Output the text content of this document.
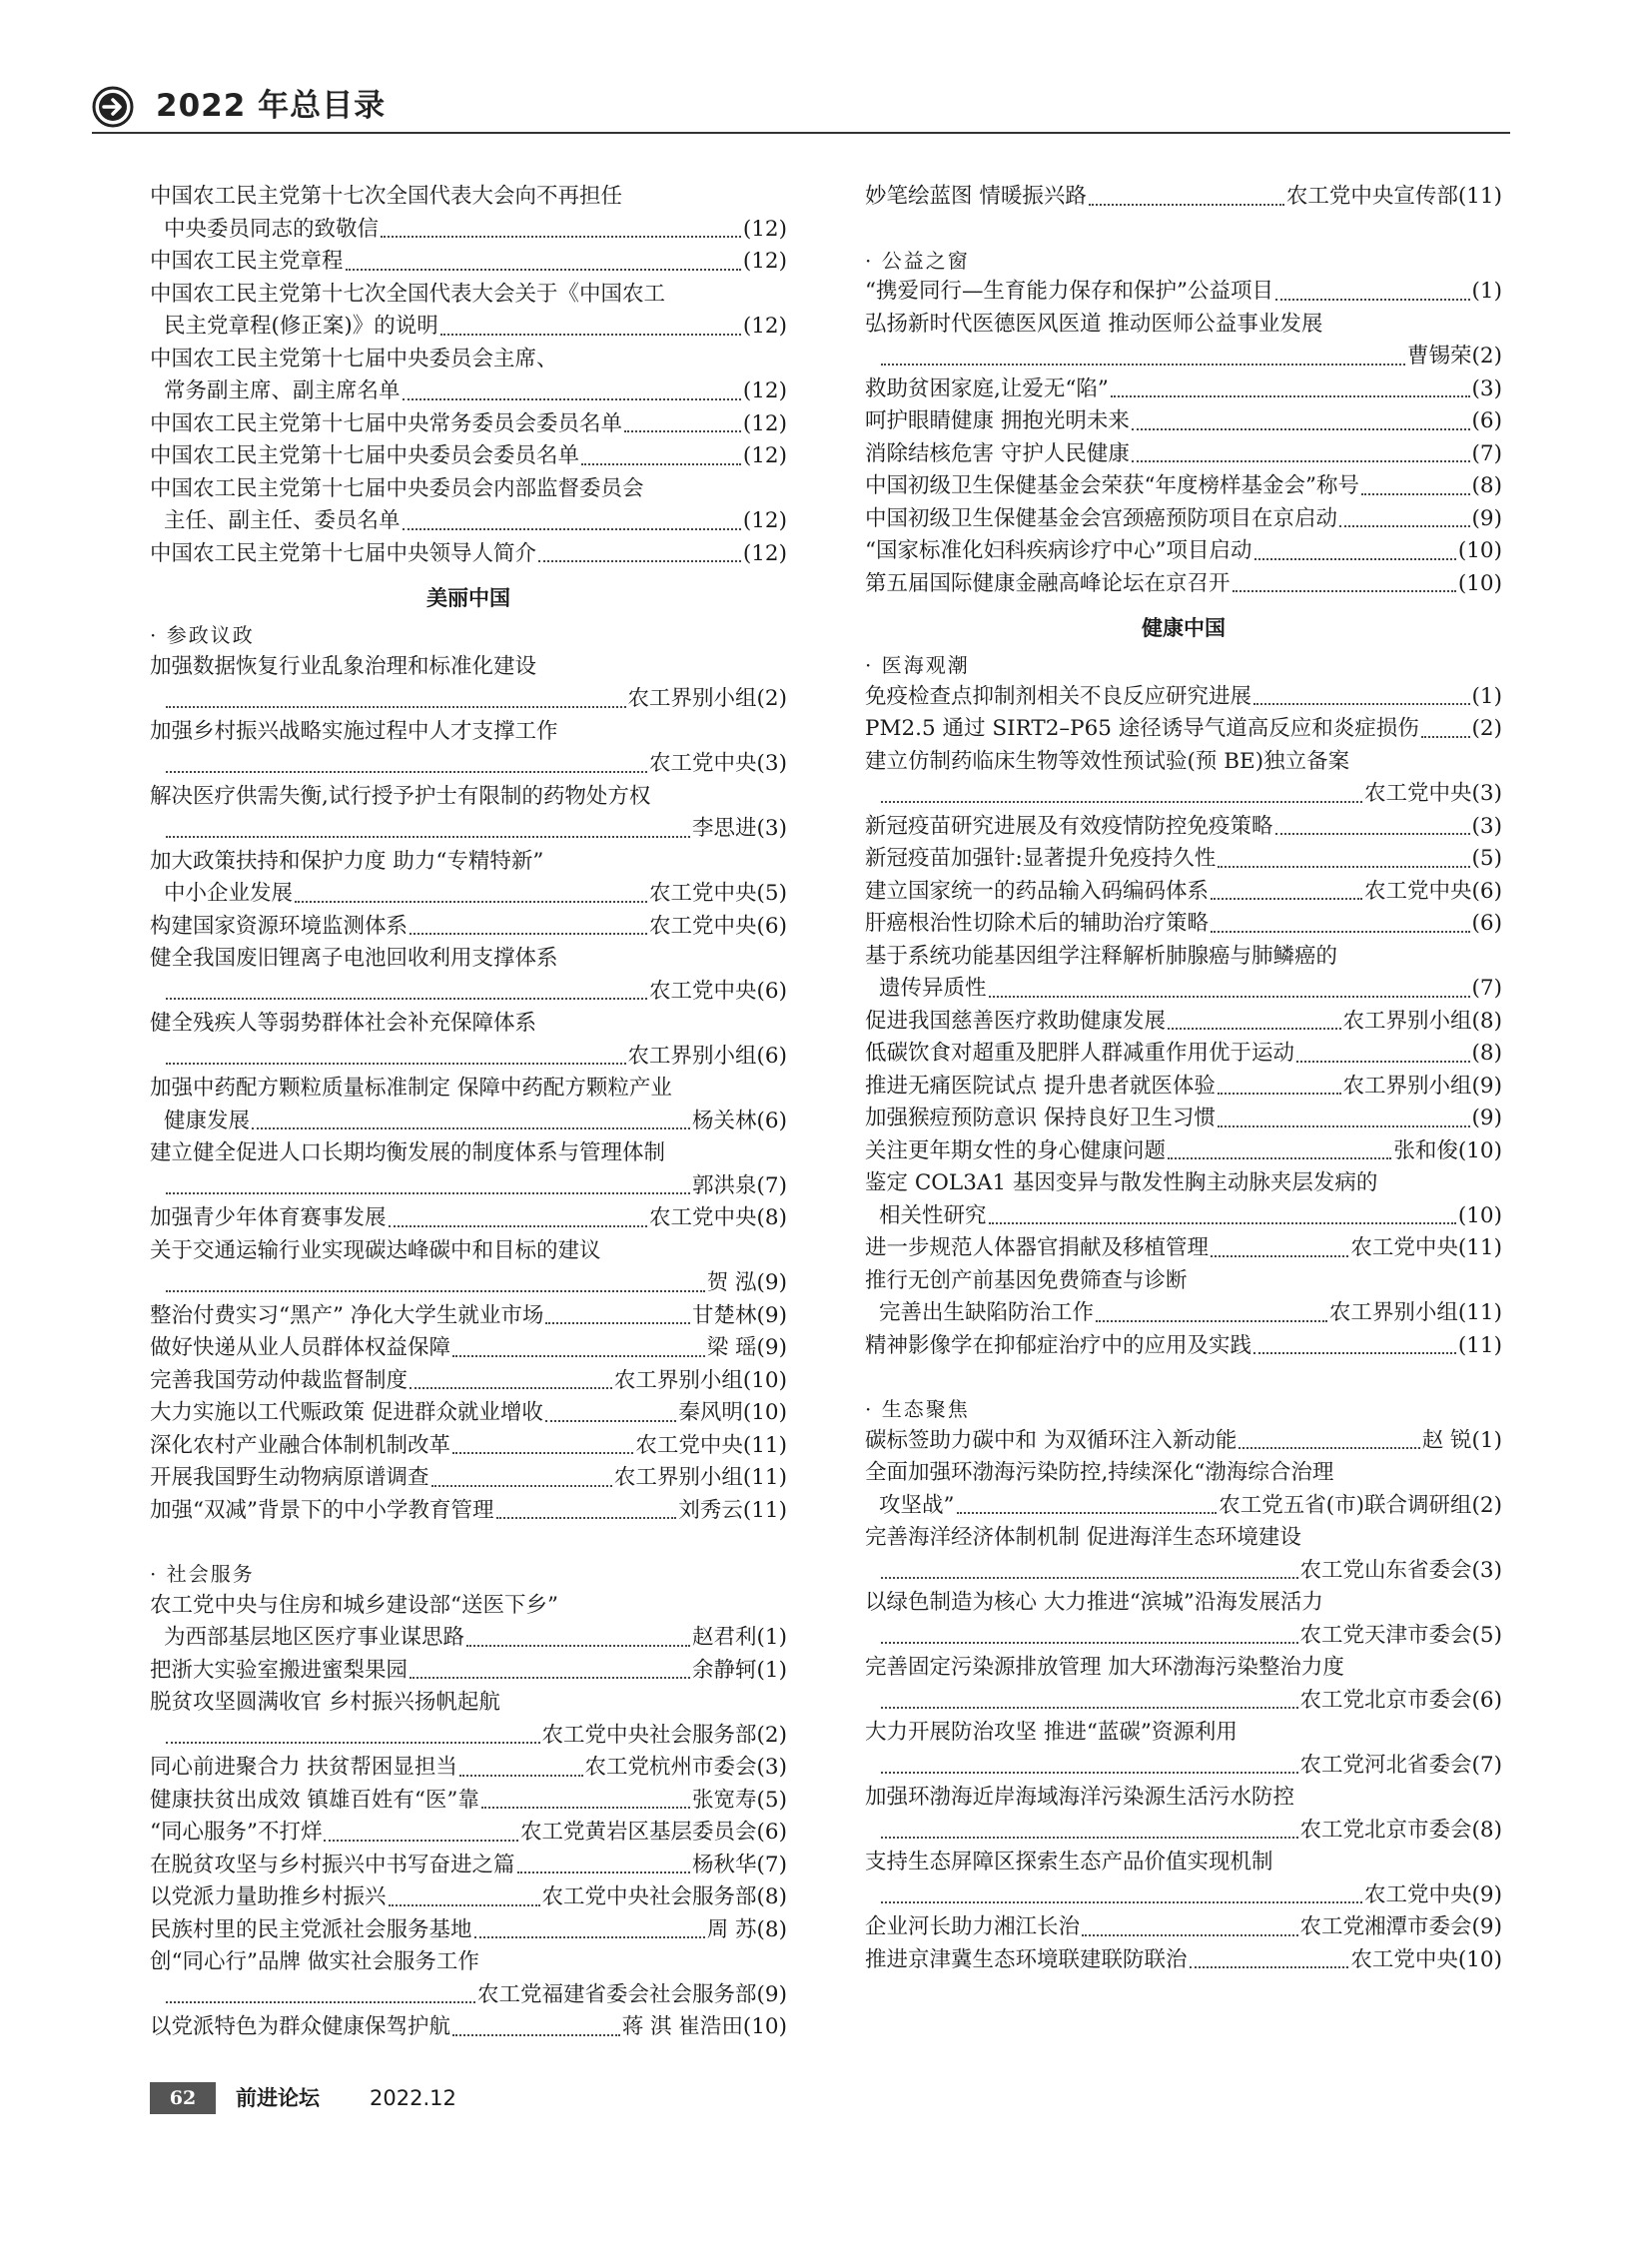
2022 年总目录
中国农工民主党第十七次全国代表大会向不再担任
中央委员同志的致敬信	(12)
中国农工民主党章程	(12)
中国农工民主党第十七次全国代表大会关于《中国农工
民主党章程(修正案)》的说明	(12)
中国农工民主党第十七届中央委员会主席、
常务副主席、副主席名单	(12)
中国农工民主党第十七届中央常务委员会委员名单	(12)
中国农工民主党第十七届中央委员会委员名单	(12)
中国农工民主党第十七届中央委员会内部监督委员会
主任、副主任、委员名单	(12)
中国农工民主党第十七届中央领导人简介	(12)
美丽中国
· 参政议政
加强数据恢复行业乱象治理和标准化建设
农工界别小组 (2)
加强乡村振兴战略实施过程中人才支撑工作
农工党中央 (3)
解决医疗供需失衡,试行授予护士有限制的药物处方权
李思进 (3)
加大政策扶持和保护力度 助力“专精特新”
中小企业发展	农工党中央 (5)
构建国家资源环境监测体系	农工党中央 (6)
健全我国废旧锂离子电池回收利用支撑体系
农工党中央 (6)
健全残疾人等弱势群体社会补充保障体系
农工界别小组 (6)
加强中药配方颗粒质量标准制定 保障中药配方颗粒产业
健康发展	杨关林 (6)
建立健全促进人口长期均衡发展的制度体系与管理体制
郭洪泉 (7)
加强青少年体育赛事发展	农工党中央 (8)
关于交通运输行业实现碳达峰碳中和目标的建议
贺 泓 (9)
整治付费实习“黑产” 净化大学生就业市场	甘楚林 (9)
做好快递从业人员群体权益保障	梁 瑶 (9)
完善我国劳动仲裁监督制度	农工界别小组 (10)
大力实施以工代赈政策 促进群众就业增收	秦风明 (10)
深化农村产业融合体制机制改革	农工党中央 (11)
开展我国野生动物病原谱调查	农工界别小组 (11)
加强“双减”背景下的中小学教育管理	刘秀云 (11)
· 社会服务
农工党中央与住房和城乡建设部“送医下乡”
为西部基层地区医疗事业谋思路	赵君利 (1)
把浙大实验室搬进蜜梨果园	余静轲 (1)
脱贫攻坚圆满收官 乡村振兴扬帆起航
农工党中央社会服务部 (2)
同心前进聚合力 扶贫帮困显担当	农工党杭州市委会 (3)
健康扶贫出成效 镇雄百姓有“医”靠	张宽寿 (5)
“同心服务”不打烊	农工党黄岩区基层委员会 (6)
在脱贫攻坚与乡村振兴中书写奋进之篇	杨秋华 (7)
以党派力量助推乡村振兴	农工党中央社会服务部 (8)
民族村里的民主党派社会服务基地	周 苏 (8)
创“同心行”品牌 做实社会服务工作
农工党福建省委会社会服务部 (9)
以党派特色为群众健康保驾护航	蒋 淇 崔浩田 (10)
妙笔绘蓝图 情暖振兴路	农工党中央宣传部 (11)
· 公益之窗
“携爱同行—生育能力保存和保护”公益项目	(1)
弘扬新时代医德医风医道 推动医师公益事业发展
曹锡荣 (2)
救助贫困家庭,让爱无“陷”	(3)
呵护眼睛健康 拥抱光明未来	(6)
消除结核危害 守护人民健康	(7)
中国初级卫生保健基金会荣获“年度榜样基金会”称号	(8)
中国初级卫生保健基金会宫颈癌预防项目在京启动	(9)
“国家标准化妇科疾病诊疗中心”项目启动	(10)
第五届国际健康金融高峰论坛在京召开	(10)
健康中国
· 医海观潮
免疫检查点抑制剂相关不良反应研究进展	(1)
PM2.5 通过 SIRT2–P65 途径诱导气道高反应和炎症损伤 (2)
建立仿制药临床生物等效性预试验(预 BE)独立备案
农工党中央 (3)
新冠疫苗研究进展及有效疫情防控免疫策略	(3)
新冠疫苗加强针:显著提升免疫持久性	(5)
建立国家统一的药品输入码编码体系	农工党中央 (6)
肝癌根治性切除术后的辅助治疗策略	(6)
基于系统功能基因组学注释解析肺腺癌与肺鳞癌的
遗传异质性	(7)
促进我国慈善医疗救助健康发展	农工界别小组 (8)
低碳饮食对超重及肥胖人群减重作用优于运动	(8)
推进无痛医院试点 提升患者就医体验	农工界别小组 (9)
加强猴痘预防意识 保持良好卫生习惯	(9)
关注更年期女性的身心健康问题	张和俊 (10)
鉴定 COL3A1 基因变异与散发性胸主动脉夹层发病的
相关性研究	(10)
进一步规范人体器官捐献及移植管理	农工党中央 (11)
推行无创产前基因免费筛查与诊断
完善出生缺陷防治工作	农工界别小组 (11)
精神影像学在抑郁症治疗中的应用及实践	(11)
· 生态聚焦
碳标签助力碳中和 为双循环注入新动能	赵 锐 (1)
全面加强环渤海污染防控,持续深化“渤海综合治理
攻坚战”	农工党五省(市)联合调研组 (2)
完善海洋经济体制机制 促进海洋生态环境建设
农工党山东省委会 (3)
以绿色制造为核心 大力推进“滨城”沿海发展活力
农工党天津市委会 (5)
完善固定污染源排放管理 加大环渤海污染整治力度
农工党北京市委会 (6)
大力开展防治攻坚 推进“蓝碳”资源利用
农工党河北省委会 (7)
加强环渤海近岸海域海洋污染源生活污水防控
农工党北京市委会 (8)
支持生态屏障区探索生态产品价值实现机制
农工党中央 (9)
企业河长助力湘江长治	农工党湘潭市委会 (9)
推进京津冀生态环境联建联防联治	农工党中央 (10)
62	前进论坛 2022.12
